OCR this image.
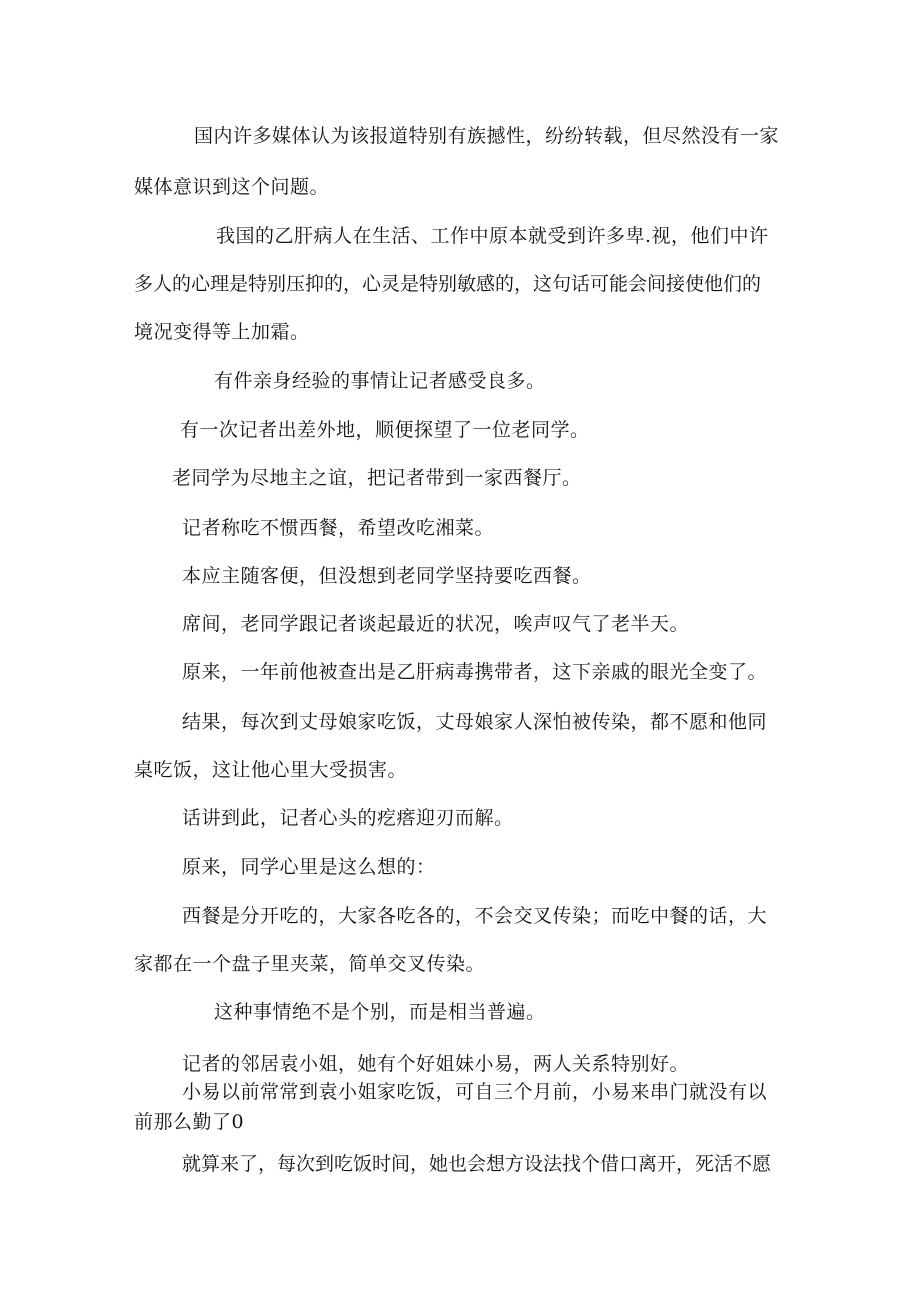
国内许多媒体认为该报道特别有族撼性，纷纷转载，但尽然没有一家
媒体意识到这个问题。
我国的乙肝病人在生活、工作中原本就受到许多卑.视，他们中许
多人的心理是特别压抑的，心灵是特别敏感的，这句话可能会间接使他们的
境况变得等上加霜。
有件亲身经验的事情让记者感受良多。
有一次记者出差外地，顺便探望了一位老同学。
老同学为尽地主之谊，把记者带到一家西餐厅。
记者称吃不惯西餐，希望改吃湘菜。
本应主随客便，但没想到老同学坚持要吃西餐。
席间，老同学跟记者谈起最近的状况，唉声叹气了老半天。
原来，一年前他被查出是乙肝病毒携带者，这下亲戚的眼光全变了。
结果，每次到丈母娘家吃饭，丈母娘家人深怕被传染，都不愿和他同
桌吃饭，这让他心里大受损害。
话讲到此，记者心头的疙瘩迎刃而解。
原来，同学心里是这么想的：
西餐是分开吃的，大家各吃各的，不会交叉传染；而吃中餐的话，大
家都在一个盘子里夹菜，简单交叉传染。
这种事情绝不是个别，而是相当普遍。
记者的邻居袁小姐，她有个好姐妹小易，两人关系特别好。
小易以前常常到袁小姐家吃饭，可自三个月前，小易来串门就没有以
前那么勤了0
就算来了，每次到吃饭时间，她也会想方设法找个借口离开，死活不愿
